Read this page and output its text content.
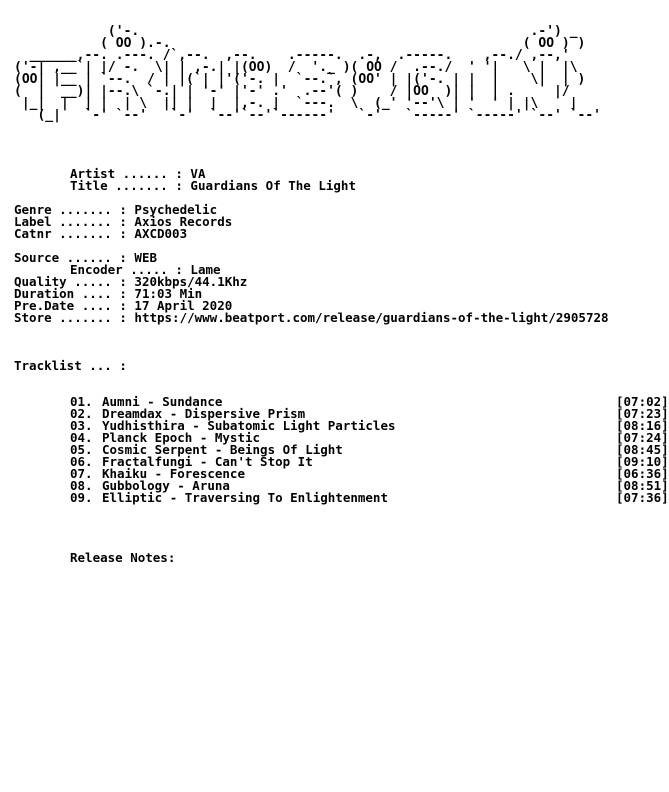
('-.                                                  .-') _
( OO ).-.                                             ( OO ) )
______,--. .---. /`,--.  ,--.    .-----.  .-,  .-----.    ,--./ ,--,'
('-| ,__`| |/ -.  \| | ,-.| |(OO)  /  '._ )( OO /  .--./  ' '|   \ |  |\
(OO| |__ | `--.  / | |(`| |'('-. |  `--.`, (OO' | |('-. | |  |    \|  | )
(  |  __)| |--.\ `-.| | '-' |'-' .'  .--'( )    / |OO  )| |  | .     |/
|_|  |  | |  | \  || |  |  |,-. |  `---.  \  (_' '--'\ | '  ' | |\    |
(_|   `-' `--'   `-'  `--'`--'`------'   `-'   `-----' `-----' `--' `--'
Artist ...... : VA
Title ....... : Guardians Of The Light
Genre ....... : Psychedelic
Label ....... : Axios Records
Catnr ....... : AXCD003
Source ...... : WEB
Encoder ..... : Lame
Quality ..... : 320kbps/44.1Khz
Duration .... : 71:03 Min
Pre.Date .... : 17 April 2020
Store ....... : https://www.beatport.com/release/guardians-of-the-light/2905728
Tracklist ... :
01. Aumni - Sundance	[07:02]
02. Dreamdax - Dispersive Prism	[07:23]
03. Yudhisthira - Subatomic Light Particles	[08:16]
04. Planck Epoch - Mystic	[07:24]
05. Cosmic Serpent - Beings Of Light	[08:45]
06. Fractalfungi - Can't Stop It	[09:10]
07. Khaiku - Forescence	[06:36]
08. Gubbology - Aruna	[08:51]
09. Elliptic - Traversing To Enlightenment	[07:36]
Release Notes:
